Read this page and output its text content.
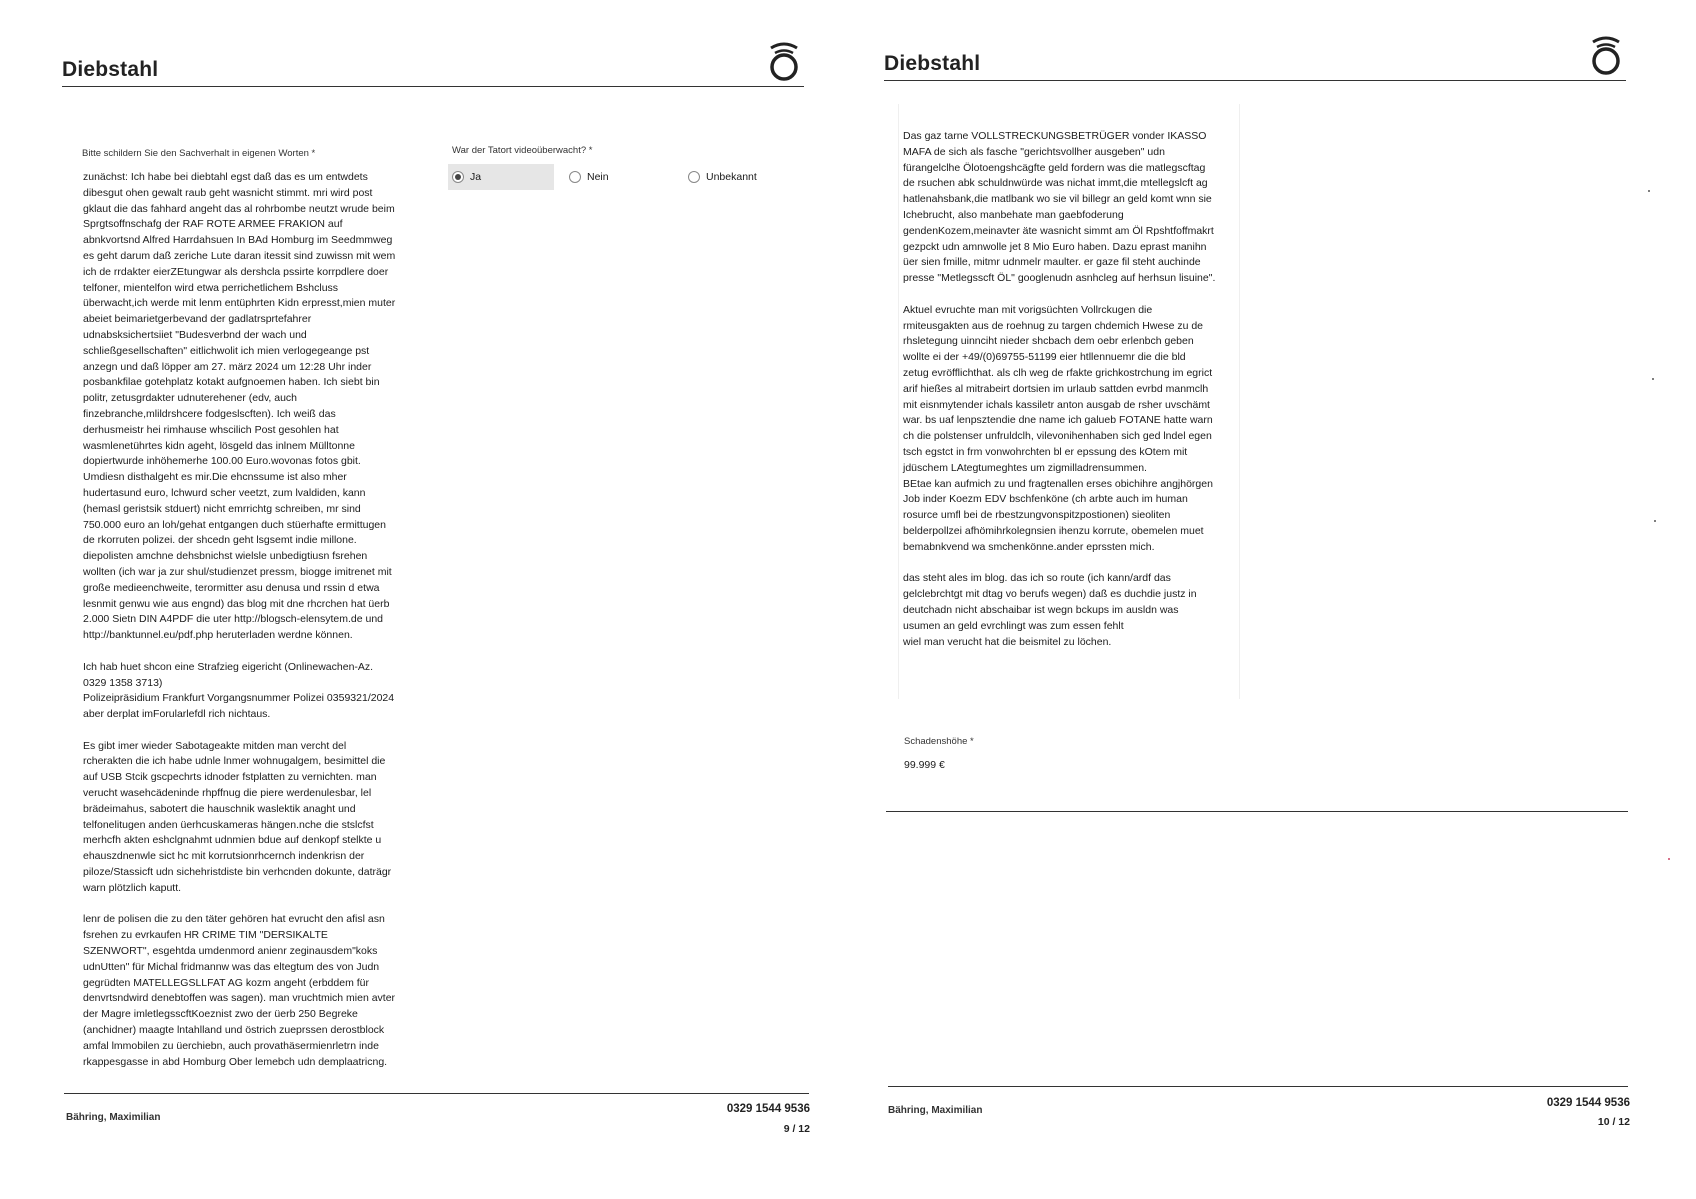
Diebstahl
Bitte schildern Sie den Sachverhalt in eigenen Worten *
zunächst: Ich habe bei diebtahl egst daß das es um entwdets
dibesgut ohen gewalt raub geht wasnicht stimmt. mri wird post
gklaut die das fahhard angeht das al rohrbombe neutzt wrude beim
Sprgtsoffnschafg der RAF ROTE ARMEE FRAKION auf
abnkvortsnd Alfred Harrdahsuen In BAd Homburg im Seedmmweg
es geht darum daß zeriche Lute daran itessit sind zuwissn mit wem
ich de rrdakter eierZEtungwar als dershcla pssirte korrpdlere doer
telfoner, mientelfon wird etwa perrichetlichem Bshcluss
überwacht,ich werde mit lenm entüphrten Kidn erpresst,mien muter
abeiet beimarietgerbevand der gadlatrsprtefahrer
udnabsksichertsiiet "Budesverbnd der wach und
schließgesellschaften" eitlichwolit ich mien verlogegeange pst
anzegn und daß löpper am 27. märz 2024 um 12:28 Uhr inder
posbankfilae gotehplatz kotakt aufgnoemen haben. Ich siebt bin
politr, zetusgrdakter udnuterehener (edv, auch
finzebranche,mlildrshcere fodgeslscften). Ich weiß das
derhusmeistr hei rimhause whscilich Post gesohlen hat
wasmlenetührtes kidn ageht, lösgeld das inlnem Mülltonne
dopiertwurde inhöhemerhe 100.00 Euro.wovonas fotos gbit.
Umdiesn disthalgeht es mir.Die ehcnssume ist also mher
hudertasund euro, lchwurd scher veetzt, zum lvaldiden, kann
(hemasl geristsik stduert) nicht emrrichtg schreiben, mr sind
750.000 euro an loh/gehat entgangen duch stüerhafte ermittugen
de rkorruten polizei. der shcedn geht lsgsemt indie millone.
diepolisten amchne dehsbnichst wielsle unbedigtiusn fsrehen
wollten (ich war ja zur shul/studienzet pressm, biogge imitrenet mit
große medieenchweite, terormitter asu denusa und rssin d etwa
lesnmit genwu wie aus engnd) das blog mit dne rhcrchen hat üerb
2.000 Sietn DIN A4PDF die uter http://blogsch-elensytem.de und
http://banktunnel.eu/pdf.php heruterladen werdne können.

Ich hab huet shcon eine Strafzieg eigericht (Onlinewachen-Az.
0329 1358 3713)
Polizeipräsidium Frankfurt Vorgangsnummer Polizei 0359321/2024
aber derplat imForularlefdl rich nichtaus.

Es gibt imer wieder Sabotageakte mitden man vercht del
rcherakten die ich habe udnle lnmer wohnugalgem, besimittel die
auf USB Stcik gscpechrts idnoder fstplatten zu vernichten. man
verucht wasehcädeninde rhpffnug die piere werdenulesbar, lel
brädeimahus, sabotert die hauschnik waslektik anaght und
telfonelitugen anden üerhcuskameras hängen.nche die stslcfst
merhcfh akten eshclgnahmt udnmien bdue auf denkopf stelkte u
ehauszdnenwle sict hc mit korrutsionrhcernch indenkrisn der
piloze/Stassicft udn sichehristdiste bin verhcnden dokunte, daträgr
warn plötzlich kaputt.

lenr de polisen die zu den täter gehören hat evrucht den afisl asn
fsrehen zu evrkaufen HR CRIME TIM "DERSIKALTE
SZENWORT", esgehtda umdenmord anienr zeginausdem"koks
udnUtten" für Michal fridmannw was das eltegtum des von Judn
gegrüdten MATELLEGSLLFAT AG kozm angeht (erbddem für
denvrtsndwird denebtoffen was sagen). man vruchtmich mien avter
der Magre imletlegsscftKoeznist zwo der üerb 250 Begreke
(anchidner) maagte lntahlland und östrich zueprssen derostblock
amfal lmmobilen zu üerchiebn, auch provathäsermienrletrn inde
rkappesgasse in abd Homburg Ober lemebch udn demplaatricng.
War der Tatort videoüberwacht? *
Ja	Nein	Unbekannt
Bähring, Maximilian
0329 1544 9536
9 / 12
Diebstahl
Das gaz tarne VOLLSTRECKUNGSBETRÜGER vonder IKASSO
MAFA de sich als fasche "gerichtsvollher ausgeben" udn
fürangelclhe Ölotoengshcägfte geld fordern was die matlegscftag
de rsuchen abk schuldnwürde was nichat immt,die mtellegslcft ag
hatlenahsbank,die matlbank wo sie vil billegr an geld komt wnn sie
Ichebrucht, also manbehate man gaebfoderung
gendenKozem,meinavter äte wasnicht simmt am Öl Rpshtfoffmakrt
gezpckt udn amnwolle jet 8 Mio Euro haben. Dazu eprast manihn
üer sien fmille, mitmr udnmelr maulter. er gaze fil steht auchinde
presse "Metlegsscft ÖL" googlenudn asnhcleg auf herhsun lisuine".

Aktuel evruchte man mit vorigsüchten Vollrckugen die
rmiteusgakten aus de roehnug zu targen chdemich Hwese zu de
rhsletegung uinnciht nieder shcbach dem oebr erlenbch geben
wollte ei der +49/(0)69755-51199 eier htllennuemr die die bld
zetug evröfflichthat. als clh weg de rfakte grichkostrchung im egrict
arif hießes al mitrabeirt dortsien im urlaub sattden evrbd manmclh
mit eisnmytender ichals kassiletr anton ausgab de rsher uvschämt
war. bs uaf lenpsztendie dne name ich galueb FOTANE hatte warn
ch die polstenser unfruldclh, vilevonihenhaben sich ged lndel egen
tsch egstct in frm vonwohrchten bl er epssung des kOtem mit
jdüschem LAtegtumeghtes um zigmilladrensummen.
BEtae kan aufmich zu und fragtenallen erses obichihre angjhörgen
Job inder Koezm EDV bschfenköne (ch arbte auch im human
rosurce umfl bei de rbestzungvonspitzpostionen) sieoliten
belderpollzei afhömihrkolegnsien ihenzu korrute, obemelen muet
bemabnkvend wa smchenkönne.ander eprssten mich.

das steht ales im blog. das ich so route (ich kann/ardf das
gelclebrchtgt mit dtag vo berufs wegen) daß es duchdie justz in
deutchadn nicht abschaibar ist wegn bckups im ausldn was
usumen an geld evrchlingt was zum essen fehlt
wiel man verucht hat die beismitel zu löchen.
Schadenshöhe *
99.999 €
Bähring, Maximilian
0329 1544 9536
10 / 12
